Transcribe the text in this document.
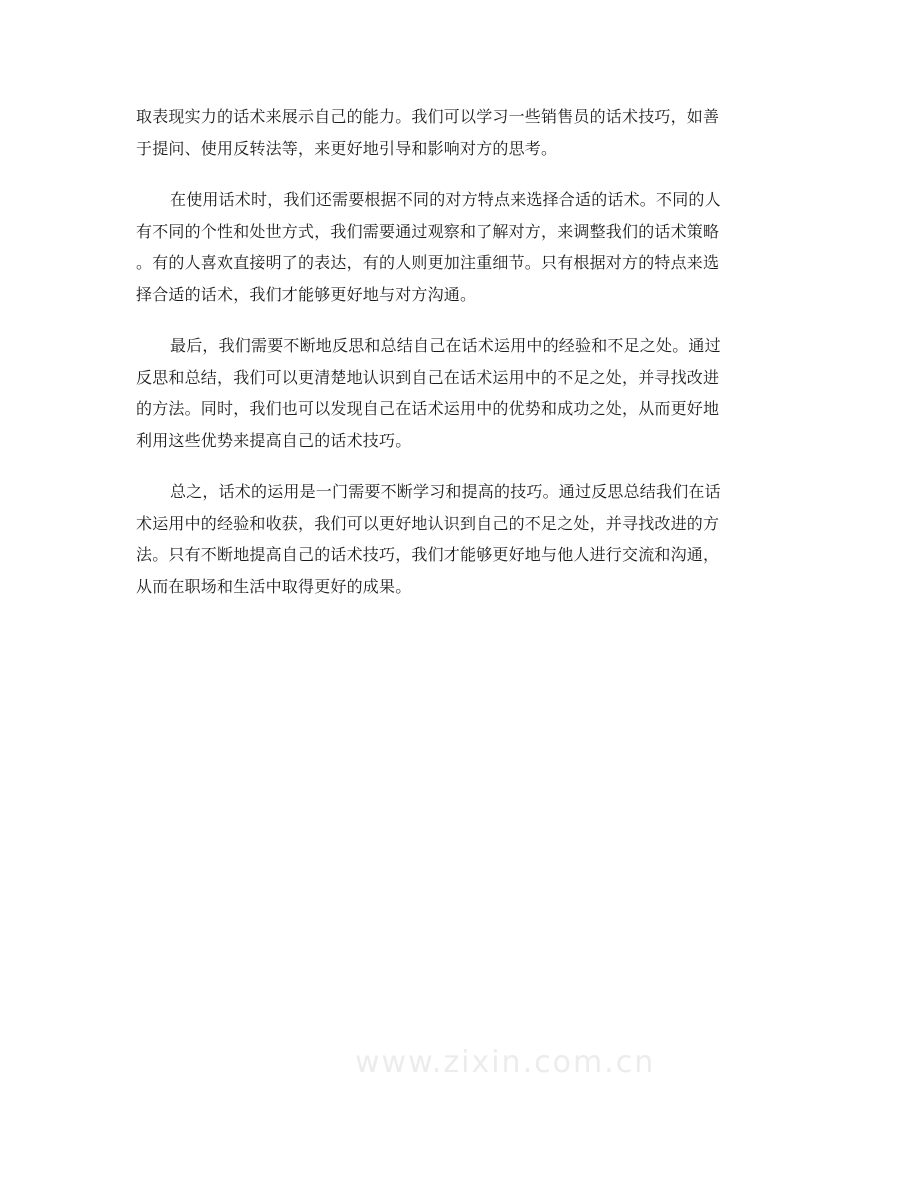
取表现实力的话术来展示自己的能力。我们可以学习一些销售员的话术技巧，如善
于提问、使用反转法等，来更好地引导和影响对方的思考。

在使用话术时，我们还需要根据不同的对方特点来选择合适的话术。不同的人
有不同的个性和处世方式，我们需要通过观察和了解对方，来调整我们的话术策略
。有的人喜欢直接明了的表达，有的人则更加注重细节。只有根据对方的特点来选
择合适的话术，我们才能够更好地与对方沟通。

最后，我们需要不断地反思和总结自己在话术运用中的经验和不足之处。通过
反思和总结，我们可以更清楚地认识到自己在话术运用中的不足之处，并寻找改进
的方法。同时，我们也可以发现自己在话术运用中的优势和成功之处，从而更好地
利用这些优势来提高自己的话术技巧。

总之，话术的运用是一门需要不断学习和提高的技巧。通过反思总结我们在话
术运用中的经验和收获，我们可以更好地认识到自己的不足之处，并寻找改进的方
法。只有不断地提高自己的话术技巧，我们才能够更好地与他人进行交流和沟通，
从而在职场和生活中取得更好的成果。

www.zixin.com.cn
